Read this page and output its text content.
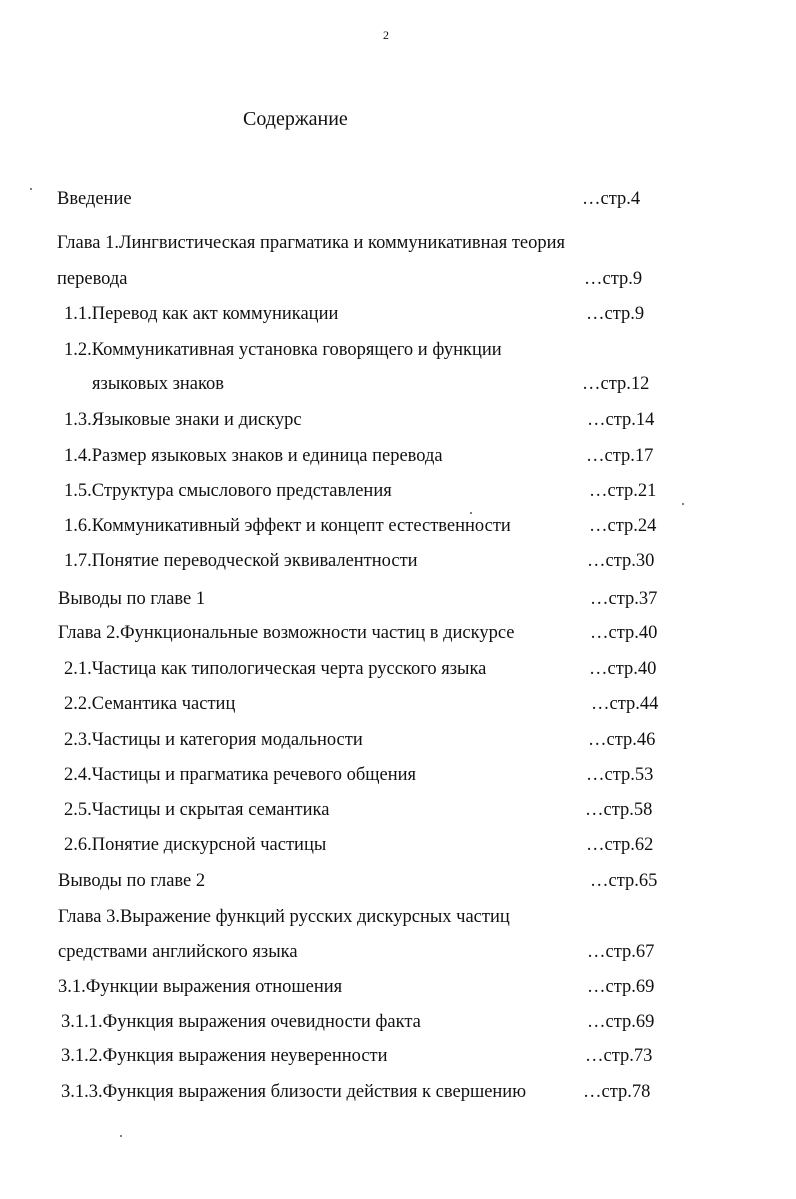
2
Содержание
Введение	…стр.4
Глава 1.Лингвистическая прагматика и коммуникативная теория
перевода	…стр.9
1.1.Перевод как акт коммуникации	…стр.9
1.2.Коммуникативная установка говорящего и функции
языковых знаков	…стр.12
1.3.Языковые знаки и дискурс	…стр.14
1.4.Размер языковых знаков и единица перевода	…стр.17
1.5.Структура смыслового представления	…стр.21
1.6.Коммуникативный эффект и концепт естественности	…стр.24
1.7.Понятие переводческой эквивалентности	…стр.30
Выводы по главе 1	…стр.37
Глава 2.Функциональные возможности частиц в дискурсе	…стр.40
2.1.Частица как типологическая черта русского языка	…стр.40
2.2.Семантика частиц	…стр.44
2.3.Частицы и категория модальности	…стр.46
2.4.Частицы и прагматика речевого общения	…стр.53
2.5.Частицы и скрытая семантика	…стр.58
2.6.Понятие дискурсной частицы	…стр.62
Выводы по главе 2	…стр.65
Глава 3.Выражение функций русских дискурсных частиц
средствами английского языка	…стр.67
3.1.Функции выражения отношения	…стр.69
3.1.1.Функция выражения очевидности факта	…стр.69
3.1.2.Функция выражения неуверенности	…стр.73
3.1.3.Функция выражения близости действия к свершению	…стр.78
